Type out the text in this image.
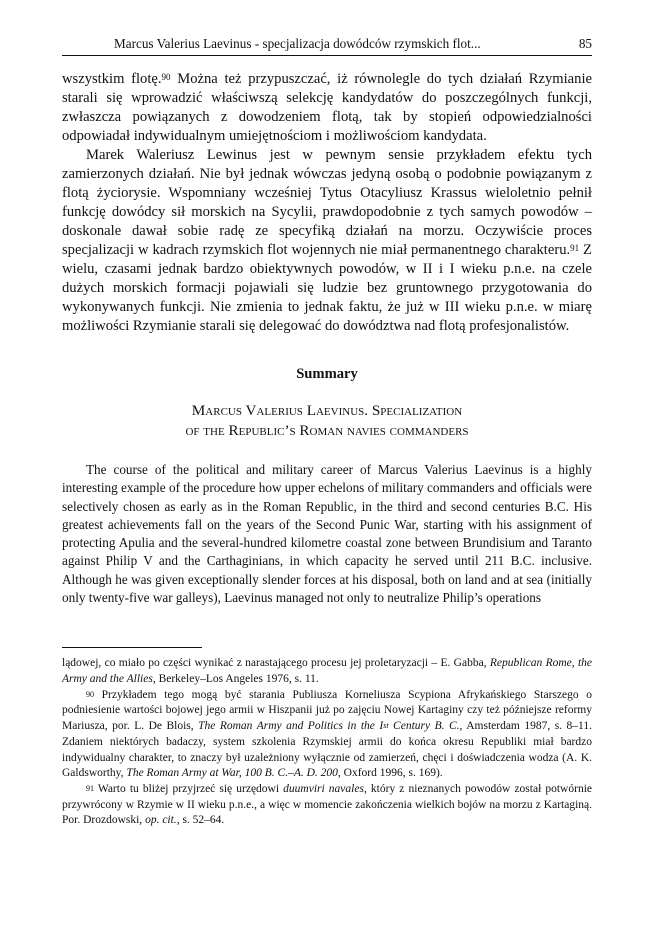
Marcus Valerius Laevinus - specjalizacja dowódców rzymskich flot...	85

wszystkim flotę.$^{90}$ Można też przypuszczać, iż równolegle do tych działań Rzymianie starali się wprowadzić właściwszą selekcję kandydatów do poszczególnych funkcji, zwłaszcza powiązanych z dowodzeniem flotą, tak by stopień odpowiedzialności odpowiadał indywidualnym umiejętnościom i możliwościom kandydata.

Marek Waleriusz Lewinus jest w pewnym sensie przykładem efektu tych zamierzonych działań. Nie był jednak wówczas jedyną osobą o podobnie powiązanym z flotą życiorysie. Wspomniany wcześniej Tytus Otacyliusz Krassus wieloletnio pełnił funkcję dowódcy sił morskich na Sycylii, prawdopodobnie z tych samych powodów – doskonale dawał sobie radę ze specyfiką działań na morzu. Oczywiście proces specjalizacji w kadrach rzymskich flot wojennych nie miał permanentnego charakteru.$^{91}$ Z wielu, czasami jednak bardzo obiektywnych powodów, w II i I wieku p.n.e. na czele dużych morskich formacji pojawiali się ludzie bez gruntownego przygotowania do wykonywanych funkcji. Nie zmienia to jednak faktu, że już w III wieku p.n.e. w miarę możliwości Rzymianie starali się delegować do dowództwa nad flotą profesjonalistów.

Summary
Marcus Valerius Laevinus. Specialization
of the Republic’s Roman navies commanders
The course of the political and military career of Marcus Valerius Laevinus is a highly interesting example of the procedure how upper echelons of military commanders and officials were selectively chosen as early as in the Roman Republic, in the third and second centuries B.C. His greatest achievements fall on the years of the Second Punic War, starting with his assignment of protecting Apulia and the several-hundred kilometre coastal zone between Brundisium and Taranto against Philip V and the Carthaginians, in which capacity he served until 211 B.C. inclusive. Although he was given exceptionally slender forces at his disposal, both on land and at sea (initially only twenty-five war galleys), Laevinus managed not only to neutralize Philip’s operations

lądowej, co miało po części wynikać z narastającego procesu jej proletaryzacji – E. Gabba, Republican Rome, the Army and the Allies, Berkeley–Los Angeles 1976, s. 11.

$^{90}$ Przykładem tego mogą być starania Publiusza Korneliusza Scypiona Afrykańskiego Starszego o podniesienie wartości bojowej jego armii w Hiszpanii już po zajęciu Nowej Kartaginy czy też późniejsze reformy Mariusza, por. L. De Blois, The Roman Army and Politics in the Ist Century B. C., Amsterdam 1987, s. 8–11. Zdaniem niektórych badaczy, system szkolenia Rzymskiej armii do końca okresu Republiki miał bardzo indywidualny charakter, to znaczy był uzależniony wyłącznie od zamierzeń, chęci i doświadczenia wodza (A. K. Galdsworthy, The Roman Army at War, 100 B. C.–A. D. 200, Oxford 1996, s. 169).

$^{91}$ Warto tu bliżej przyjrzeć się urzędowi duumviri navales, który z nieznanych powodów został potwórnie przywrócony w Rzymie w II wieku p.n.e., a więc w momencie zakończenia wielkich bojów na morzu z Kartaginą. Por. Drozdowski, op. cit., s. 52–64.
